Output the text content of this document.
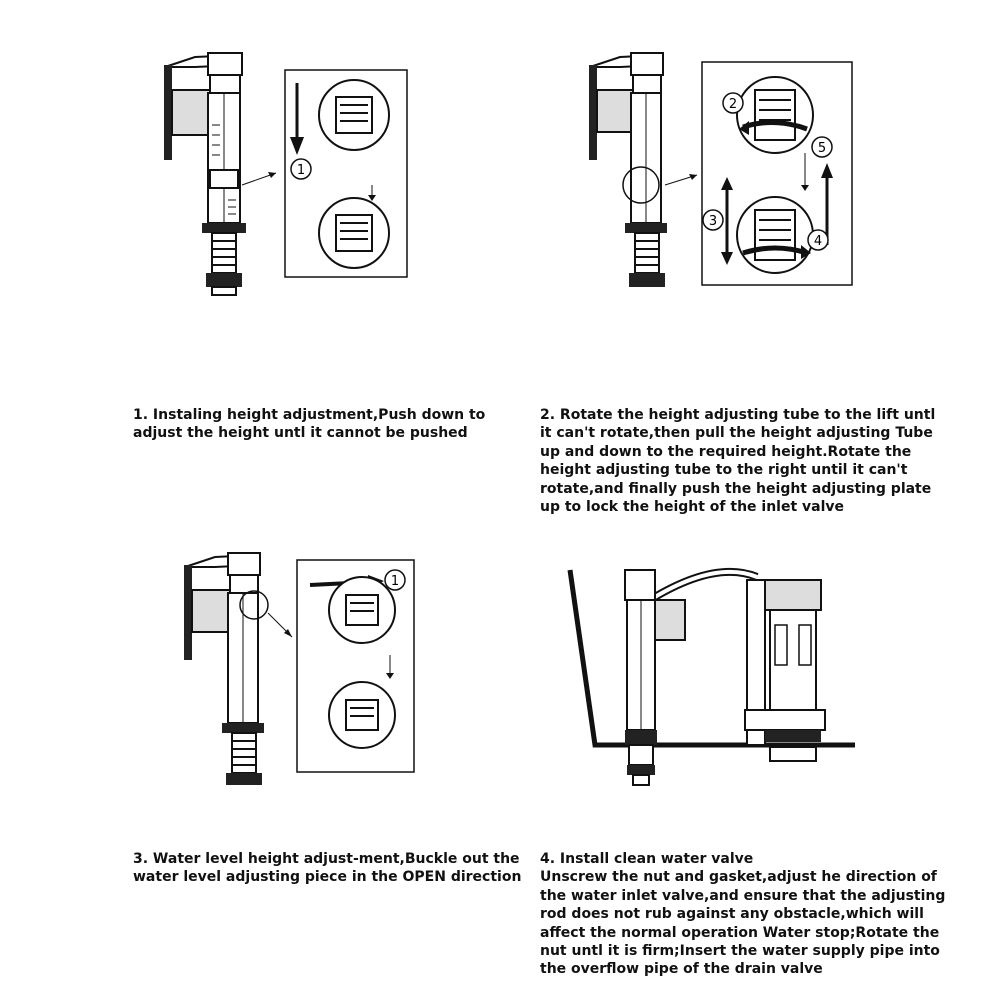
1
2
3
4
5
1
1. Instaling height adjustment,Push down to
adjust the height untl it cannot be pushed
2. Rotate the height adjusting tube to the lift untl
it can't rotate,then pull the height adjusting Tube
up and down to the required height.Rotate the
height adjusting tube to the right until it can't
rotate,and finally push the height adjusting plate
up to lock the height of the inlet valve
3. Water level height adjust-ment,Buckle out the
water level adjusting piece in the OPEN direction
4. Install clean water valve
Unscrew the nut and gasket,adjust he direction of
the water inlet valve,and ensure that the adjusting
rod does not rub against any obstacle,which will
affect the normal operation Water stop;Rotate the
nut untl it is firm;Insert the water supply pipe into
the overflow pipe of the drain valve
